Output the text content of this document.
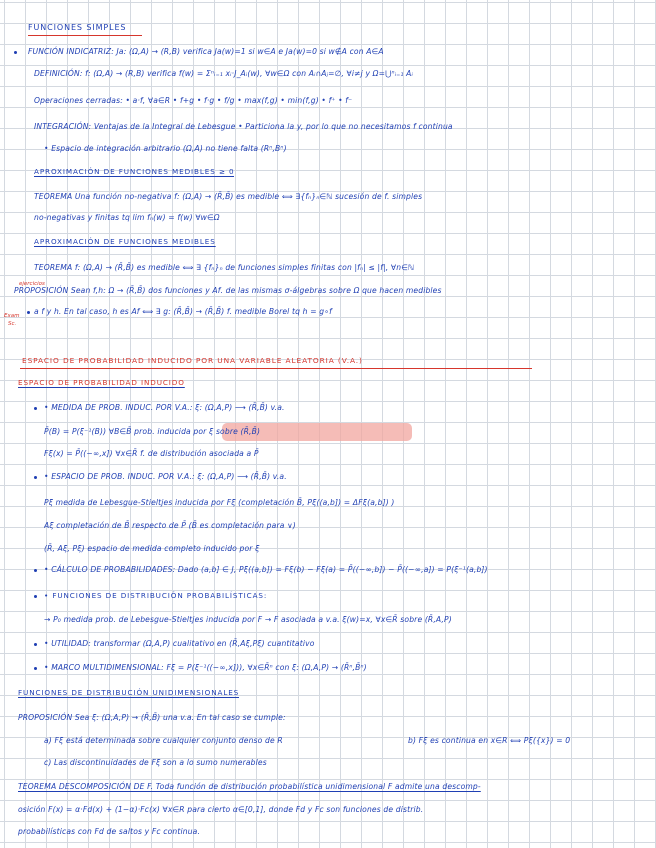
FUNCIONES SIMPLES
FUNCIÓN INDICATRIZ: Ja: (Ω,A) → (R,B) verifica Ja(w)=1 si w∈A e Ja(w)=0 si w∉A con A∈A
DEFINICIÓN: f: (Ω,A) → (R,B) verifica f(w) = Σⁿᵢ₌₁ xᵢ·J_Aᵢ(w), ∀w∈Ω con Aᵢ∩Aⱼ=∅, ∀i≠j y Ω=⋃ⁿᵢ₌₁ Aᵢ
Operaciones cerradas: • a·f, ∀a∈R • f+g • f·g • f/g • max(f,g) • min(f,g) • f⁺ • f⁻
INTEGRACIÓN: Ventajas de la Integral de Lebesgue • Particiona la y, por lo que no necesitamos f continua
• Espacio de integración arbitrario (Ω,A) no tiene falta (Rⁿ,Bⁿ)
APROXIMACIÓN DE FUNCIONES MEDIBLES ≥ 0
TEOREMA Una función no-negativa f: (Ω,A) → (R̄,B̄) es medible ⟺ ∃{fₙ}ₙ∈ℕ sucesión de f. simples
no-negativas y finitas tq lim fₙ(w) = f(w) ∀w∈Ω
APROXIMACIÓN DE FUNCIONES MEDIBLES
TEOREMA f: (Ω,A) → (R̄,B̄) es medible ⟺ ∃ {fₙ}ₙ de funciones simples finitas con |fₙ| ≤ |f|, ∀n∈ℕ
PROPOSICIÓN Sean f,h: Ω → (R̄,B̄) dos funciones y Af. de las mismas σ-álgebras sobre Ω que hacen medibles
a f y h. En tal caso, h es Af ⟺ ∃ g: (R̄,B̄) → (R̄,B̄) f. medible Borel tq h = g∘f
ejercicios
Exam
Sc.
ESPACIO DE PROBABILIDAD INDUCIDO POR UNA VARIABLE ALEATORIA (V.A.)
ESPACIO DE PROBABILIDAD INDUCIDO
• MEDIDA DE PROB. INDUC. POR V.A.: ξ: (Ω,A,P) ⟶ (R̄,B̄) v.a.
P̄(B) = P(ξ⁻¹(B)) ∀B∈B̄ prob. inducida por ξ sobre (R̄,B̄)
Fξ(x) = P̄((−∞,x]) ∀x∈R̄ f. de distribución asociada a P̄
• ESPACIO DE PROB. INDUC. POR V.A.: ξ: (Ω,A,P) ⟶ (R̄,B̄) v.a.
Pξ medida de Lebesgue-Stieltjes inducida por Fξ (completación B̄, Pξ((a,b]) = ΔFξ(a,b]) )
Aξ completación de B̄ respecto de P̄ (B̄ es completación para ∨)
(R̄, Aξ, Pξ) espacio de medida completo inducido por ξ
• CÁLCULO DE PROBABILIDADES: Dado (a,b] ∈ J, Pξ((a,b]) = Fξ(b) − Fξ(a) = P̄((−∞,b]) − P̄((−∞,a]) = P(ξ⁻¹(a,b])
• FUNCIONES DE DISTRIBUCIÓN PROBABILÍSTICAS:
→ P₀ medida prob. de Lebesgue-Stieltjes inducida por F → F asociada a v.a. ξ(w)=x, ∀x∈R̄ sobre (R̄,A,P)
• UTILIDAD: transformar (Ω,A,P) cualitativo en (R̄,Aξ,Pξ) cuantitativo
• MARCO MULTIDIMENSIONAL: Fξ = P(ξ⁻¹((−∞,x])), ∀x∈R̄ⁿ con ξ: (Ω,A,P) → (R̄ⁿ,B̄ⁿ)
FUNCIONES DE DISTRIBUCIÓN UNIDIMENSIONALES
PROPOSICIÓN Sea ξ: (Ω,A,P) → (R̄,B̄) una v.a. En tal caso se cumple:
a) Fξ está determinada sobre cualquier conjunto denso de R	b) Fξ es continua en x∈R ⟺ Pξ({x}) = 0
c) Las discontinuidades de Fξ son a lo sumo numerables
TEOREMA DESCOMPOSICIÓN DE F. Toda función de distribución probabilística unidimensional F admite una descomp-
osición F(x) = α·Fd(x) + (1−α)·Fc(x) ∀x∈R para cierto α∈[0,1], donde Fd y Fc son funciones de distrib.
probabilísticas con Fd de saltos y Fc continua.
